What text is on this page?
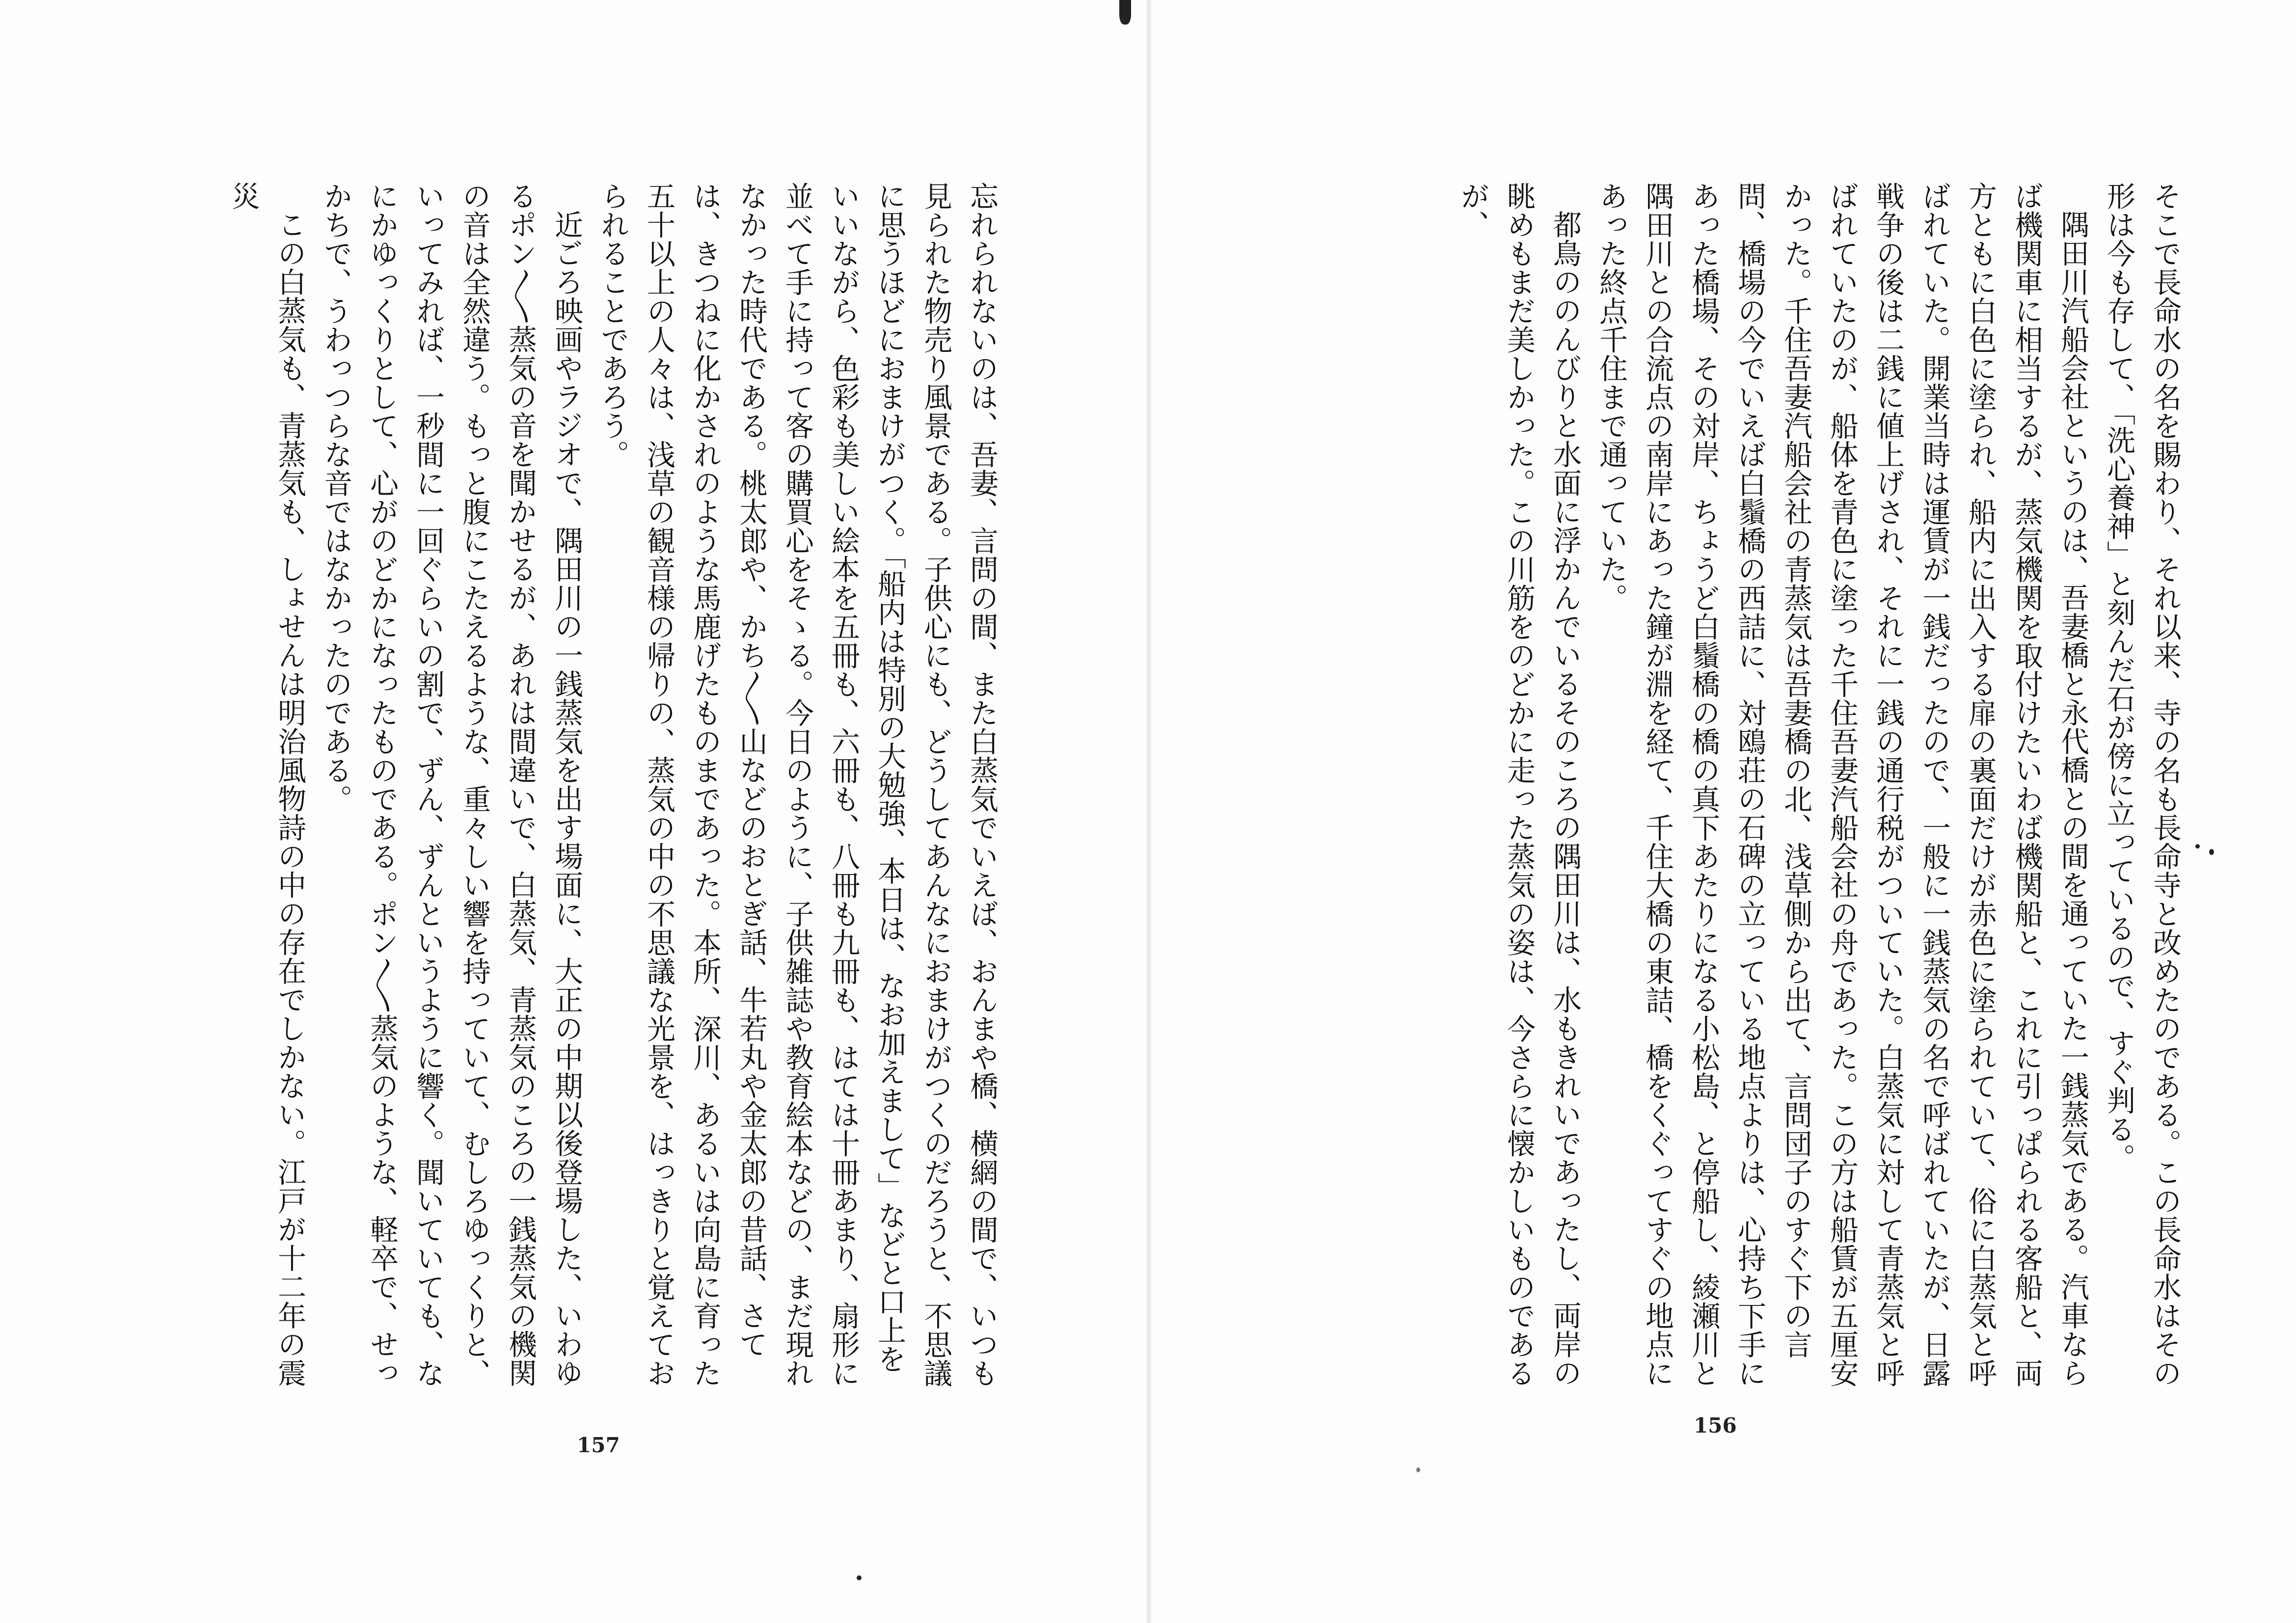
そこで長命水の名を賜わり、それ以来、寺の名も長命寺と改めたのである。この長命水はその形は今も存して、「洗心養神」と刻んだ石が傍に立っているので、すぐ判る。

隅田川汽船会社というのは、吾妻橋と永代橋との間を通っていた一銭蒸気である。汽車ならば機関車に相当するが、蒸気機関を取付けたいわば機関船と、これに引っぱられる客船と、両方ともに白色に塗られ、船内に出入する扉の裏面だけが赤色に塗られていて、俗に白蒸気と呼ばれていた。開業当時は運賃が一銭だったので、一般に一銭蒸気の名で呼ばれていたが、日露戦争の後は二銭に値上げされ、それに一銭の通行税がついていた。白蒸気に対して青蒸気と呼ばれていたのが、船体を青色に塗った千住吾妻汽船会社の舟であった。この方は船賃が五厘安かった。千住吾妻汽船会社の青蒸気は吾妻橋の北、浅草側から出て、言問団子のすぐ下の言問、橋場の今でいえば白鬚橋の西詰に、対鴎荘の石碑の立っている地点よりは、心持ち下手にあった橋場、その対岸、ちょうど白鬚橋の橋の真下あたりになる小松島、と停船し、綾瀬川と隅田川との合流点の南岸にあった鐘が淵を経て、千住大橋の東詰、橋をくぐってすぐの地点にあった終点千住まで通っていた。

都鳥ののんびりと水面に浮かんでいるそのころの隅田川は、水もきれいであったし、両岸の眺めもまだ美しかった。この川筋をのどかに走った蒸気の姿は、今さらに懐かしいものであるが、

156

忘れられないのは、吾妻、言問の間、また白蒸気でいえば、おんまや橋、横網の間で、いつも見られた物売り風景である。子供心にも、どうしてあんなにおまけがつくのだろうと、不思議に思うほどにおまけがつく。「船内は特別の大勉強、本日は、なお加えまして」などと口上をいいながら、色彩も美しい絵本を五冊も、六冊も、八冊も九冊も、はては十冊あまり、扇形に並べて手に持って客の購買心をそゝる。今日のように、子供雑誌や教育絵本などの、まだ現れなかった時代である。桃太郎や、かち〳〵山などのおとぎ話、牛若丸や金太郎の昔話、さては、きつねに化かされのような馬鹿げたものまであった。本所、深川、あるいは向島に育った五十以上の人々は、浅草の観音様の帰りの、蒸気の中の不思議な光景を、はっきりと覚えておられることであろう。

近ごろ映画やラジオで、隅田川の一銭蒸気を出す場面に、大正の中期以後登場した、いわゆるポン〳〵蒸気の音を聞かせるが、あれは間違いで、白蒸気、青蒸気のころの一銭蒸気の機関の音は全然違う。もっと腹にこたえるような、重々しい響を持っていて、むしろゆっくりと、いってみれば、一秒間に一回ぐらいの割で、ずん、ずんというように響く。聞いていても、なにかゆっくりとして、心がのどかになったものである。ポン〳〵蒸気のような、軽卒で、せっかちで、うわっつらな音ではなかったのである。

この白蒸気も、青蒸気も、しょせんは明治風物詩の中の存在でしかない。江戸が十二年の震災

157
